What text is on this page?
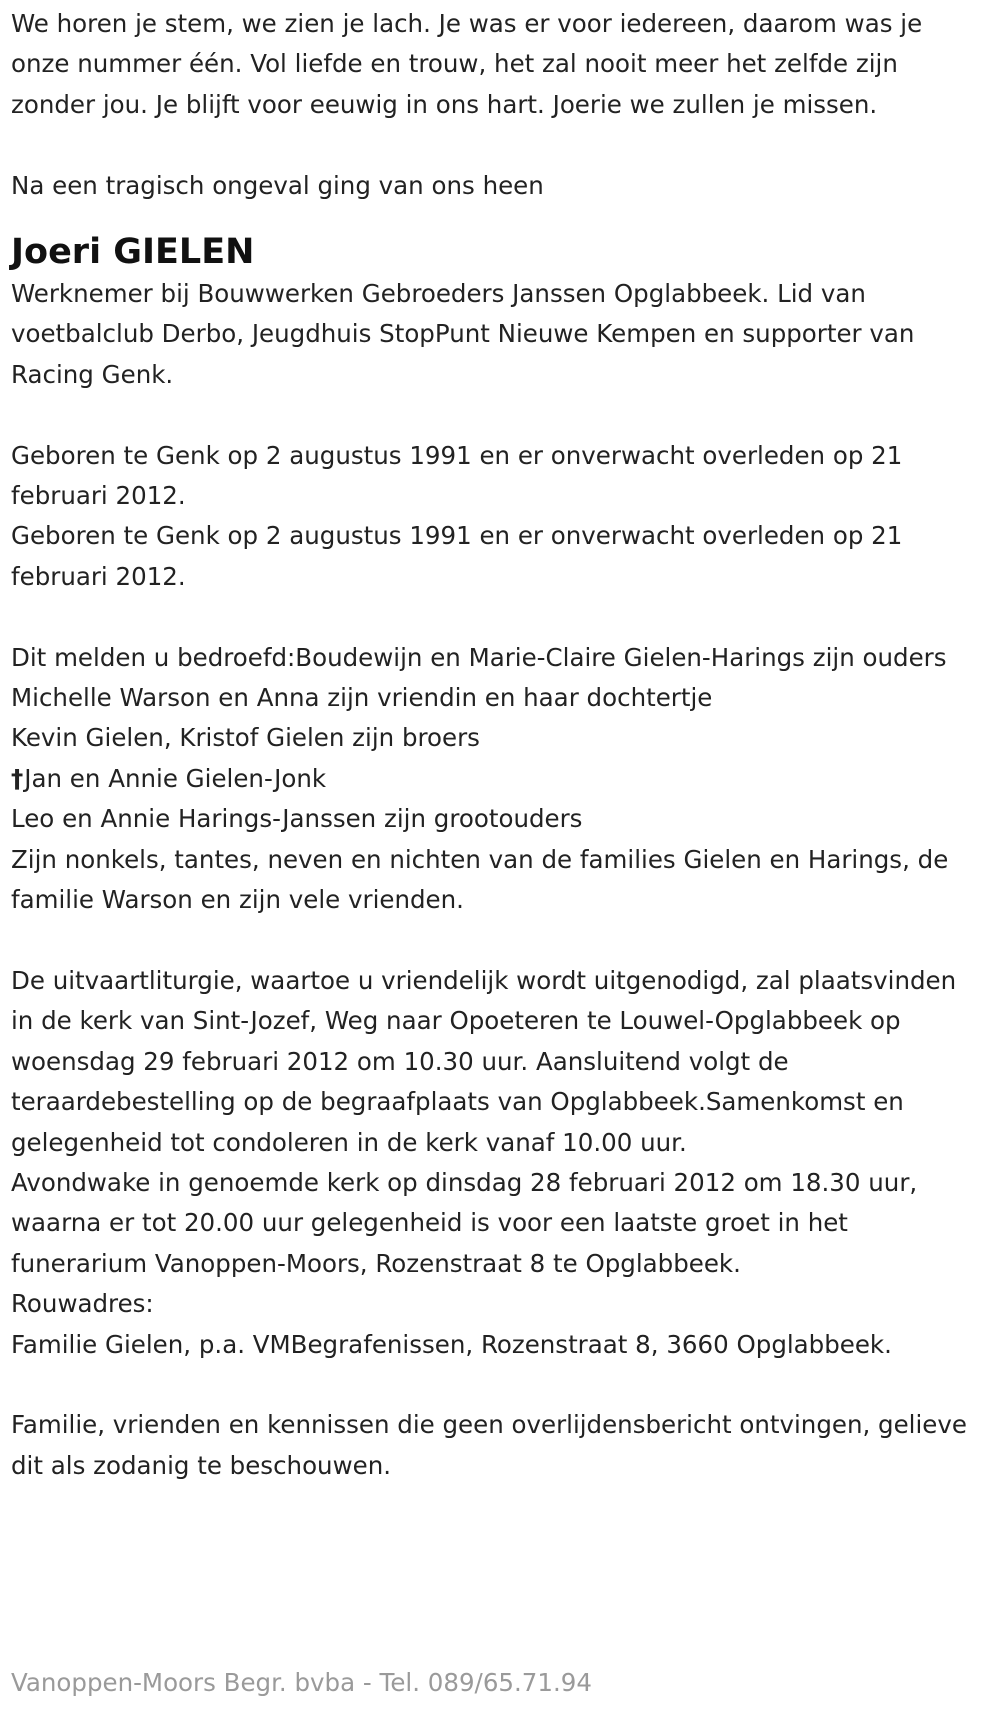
We horen je stem, we zien je lach. Je was er voor iedereen, daarom was je onze nummer één. Vol liefde en trouw, het zal nooit meer het zelfde zijn zonder jou. Je blijft voor eeuwig in ons hart. Joerie we zullen je missen.

Na een tragisch ongeval ging van ons heen

Joeri GIELEN

Werknemer bij Bouwwerken Gebroeders Janssen Opglabbeek. Lid van voetbalclub Derbo, Jeugdhuis StopPunt Nieuwe Kempen en supporter van Racing Genk.

Geboren te Genk op 2 augustus 1991 en er onverwacht overleden op 21 februari 2012.

Geboren te Genk op 2 augustus 1991 en er onverwacht overleden op 21 februari 2012.

Dit melden u bedroefd:Boudewijn en Marie-Claire Gielen-Harings zijn ouders

Michelle Warson en Anna zijn vriendin en haar dochtertje

Kevin Gielen, Kristof Gielen zijn broers

†Jan en Annie Gielen-Jonk

Leo en Annie Harings-Janssen zijn grootouders

Zijn nonkels, tantes, neven en nichten van de families Gielen en Harings, de familie Warson en zijn vele vrienden.

De uitvaartliturgie, waartoe u vriendelijk wordt uitgenodigd, zal plaatsvinden in de kerk van Sint-Jozef, Weg naar Opoeteren te Louwel-Opglabbeek op woensdag 29 februari 2012 om 10.30 uur. Aansluitend volgt de teraardebestelling op de begraafplaats van Opglabbeek.Samenkomst en gelegenheid tot condoleren in de kerk vanaf 10.00 uur.

Avondwake in genoemde kerk op dinsdag 28 februari 2012 om 18.30 uur, waarna er tot 20.00 uur gelegenheid is voor een laatste groet in het funerarium Vanoppen-Moors, Rozenstraat 8 te Opglabbeek.

Rouwadres:

Familie Gielen, p.a. VMBegrafenissen, Rozenstraat 8, 3660 Opglabbeek.

Familie, vrienden en kennissen die geen overlijdensbericht ontvingen, gelieve dit als zodanig te beschouwen.

Vanoppen-Moors Begr. bvba - Tel. 089/65.71.94
